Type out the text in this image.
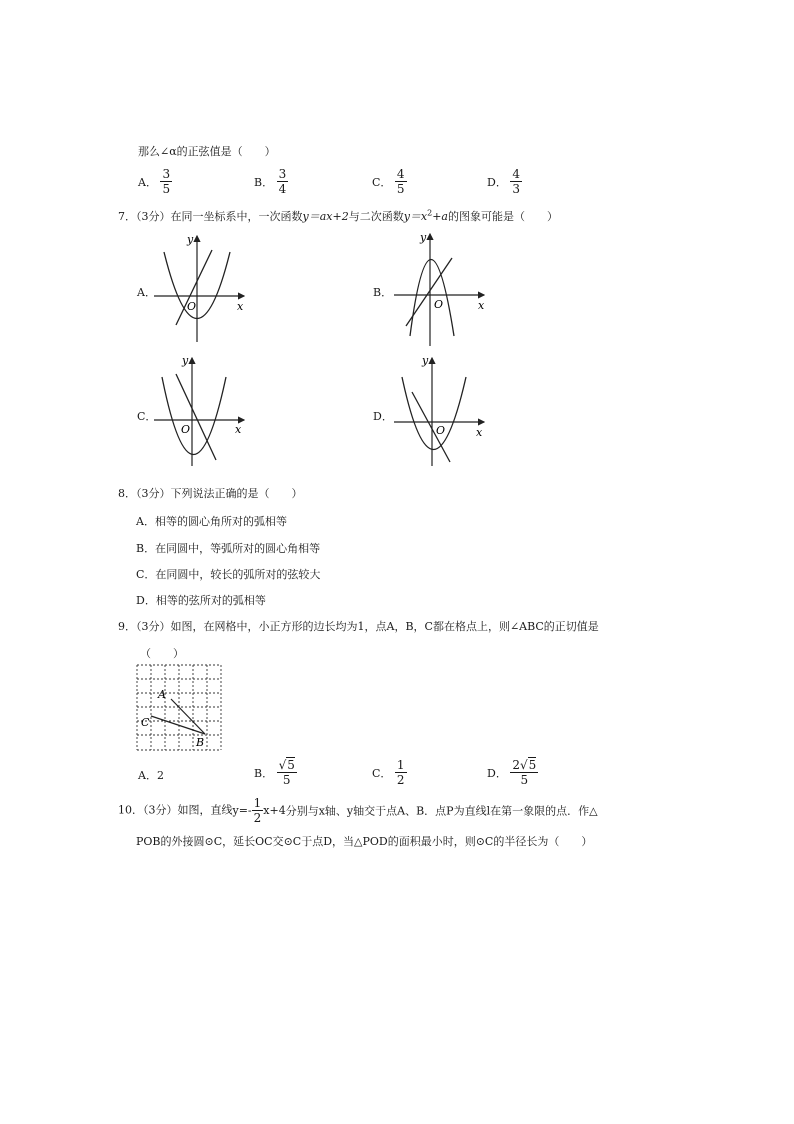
那么∠α的正弦值是（　　）
A． $\frac{3}{5}$	B． $\frac{3}{4}$	C． $\frac{4}{5}$	D． $\frac{4}{3}$
7．（3分）在同一坐标系中，一次函数y＝ax+2与二次函数$y=x^2+a$的图象可能是（　　）
A．	B．
C．	D．
y
x
O
y
x
O
y
x
O
y
x
O
8．（3分）下列说法正确的是（　　）
A．相等的圆心角所对的弧相等
B．在同圆中，等弧所对的圆心角相等
C．在同圆中，较长的弧所对的弦较大
D．相等的弦所对的弧相等
9．（3分）如图，在网格中，小正方形的边长均为1，点A，B，C都在格点上，则∠ABC的正切值是
（　　）
A
B
C
A．2	B． $\frac{√5}{5}$	C． $\frac{1}{2}$	D． $\frac{2√5}{5}$
10．（3分）如图，直线$y=- \frac{1}{2} x+4$分别与x轴、y轴交于点A、B．点P为直线l在第一象限的点．作△
POB的外接圆⊙C，延长OC交⊙C于点D，当△POD的面积最小时，则⊙C的半径长为（　　）
